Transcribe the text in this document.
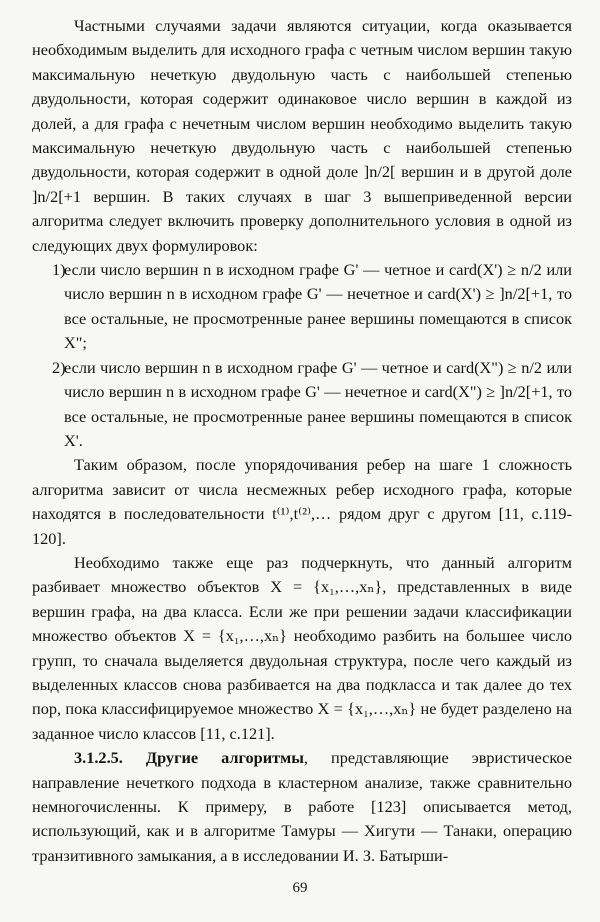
Частными случаями задачи являются ситуации, когда оказывается необходимым выделить для исходного графа с четным числом вершин такую максимальную нечеткую двудольную часть с наибольшей степенью двудольности, которая содержит одинаковое число вершин в каждой из долей, а для графа с нечетным числом вершин необходимо выделить такую максимальную нечеткую двудольную часть с наибольшей степенью двудольности, которая содержит в одной доле ]n/2[ вершин и в другой доле ]n/2[+1 вершин. В таких случаях в шаг 3 вышеприведенной версии алгоритма следует включить проверку дополнительного условия в одной из следующих двух формулировок:

1)
если число вершин n в исходном графе G' — четное и card(X') ≥ n/2 или число вершин n в исходном графе G' — нечетное и card(X') ≥ ]n/2[+1, то все остальные, не просмотренные ранее вершины помещаются в список X";
2)
если число вершин n в исходном графе G' — четное и card(X") ≥ n/2 или число вершин n в исходном графе G' — нечетное и card(X") ≥ ]n/2[+1, то все остальные, не просмотренные ранее вершины помещаются в список X'.

Таким образом, после упорядочивания ребер на шаге 1 сложность алгоритма зависит от числа несмежных ребер исходного графа, которые находятся в последовательности t⁽¹⁾,t⁽²⁾,… рядом друг с другом [11, с.119-120].

Необходимо также еще раз подчеркнуть, что данный алгоритм разбивает множество объектов X = {x₁,…,xₙ}, представленных в виде вершин графа, на два класса. Если же при решении задачи классификации множество объектов X = {x₁,…,xₙ} необходимо разбить на большее число групп, то сначала выделяется двудольная структура, после чего каждый из выделенных классов снова разбивается на два подкласса и так далее до тех пор, пока классифицируемое множество X = {x₁,…,xₙ} не будет разделено на заданное число классов [11, с.121].

3.1.2.5. Другие алгоритмы, представляющие эвристическое направление нечеткого подхода в кластерном анализе, также сравнительно немногочисленны. К примеру, в работе [123] описывается метод, использующий, как и в алгоритме Тамуры — Хигути — Танаки, операцию транзитивного замыкания, а в исследовании И. З. Батырши-

69
